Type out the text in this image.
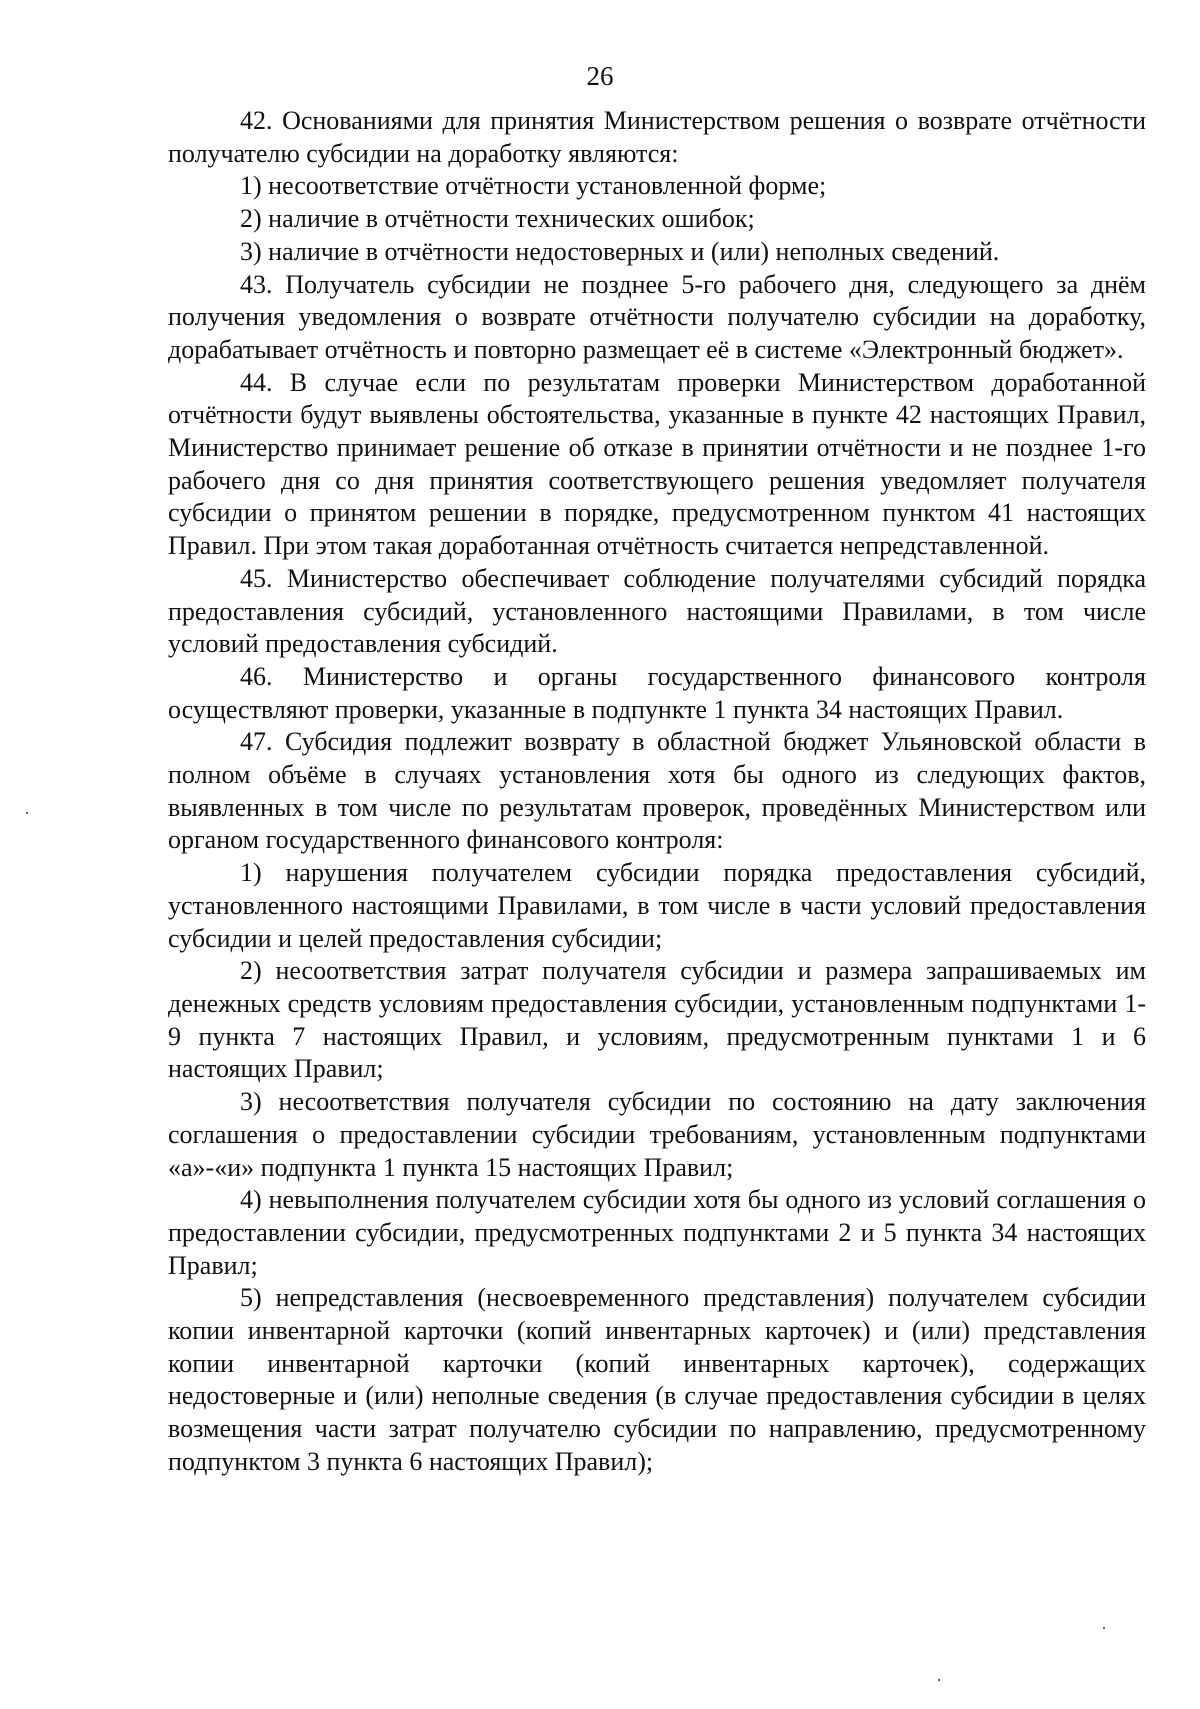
26

42. Основаниями для принятия Министерством решения о возврате отчётности получателю субсидии на доработку являются:

1) несоответствие отчётности установленной форме;

2) наличие в отчётности технических ошибок;

3) наличие в отчётности недостоверных и (или) неполных сведений.

43. Получатель субсидии не позднее 5-го рабочего дня, следующего за днём получения уведомления о возврате отчётности получателю субсидии на доработку, дорабатывает отчётность и повторно размещает её в системе «Электронный бюджет».

44. В случае если по результатам проверки Министерством доработанной отчётности будут выявлены обстоятельства, указанные в пункте 42 настоящих Правил, Министерство принимает решение об отказе в принятии отчётности и не позднее 1-го рабочего дня со дня принятия соответствующего решения уведомляет получателя субсидии о принятом решении в порядке, предусмотренном пунктом 41 настоящих Правил. При этом такая доработанная отчётность считается непредставленной.

45. Министерство обеспечивает соблюдение получателями субсидий порядка предоставления субсидий, установленного настоящими Правилами, в том числе условий предоставления субсидий.

46. Министерство и органы государственного финансового контроля осуществляют проверки, указанные в подпункте 1 пункта 34 настоящих Правил.

47. Субсидия подлежит возврату в областной бюджет Ульяновской области в полном объёме в случаях установления хотя бы одного из следующих фактов, выявленных в том числе по результатам проверок, проведённых Министерством или органом государственного финансового контроля:

1) нарушения получателем субсидии порядка предоставления субсидий, установленного настоящими Правилами, в том числе в части условий предоставления субсидии и целей предоставления субсидии;

2) несоответствия затрат получателя субсидии и размера запрашиваемых им денежных средств условиям предоставления субсидии, установленным подпунктами 1-9 пункта 7 настоящих Правил, и условиям, предусмотренным пунктами 1 и 6 настоящих Правил;

3) несоответствия получателя субсидии по состоянию на дату заключения соглашения о предоставлении субсидии требованиям, установленным подпунктами «а»-«и» подпункта 1 пункта 15 настоящих Правил;

4) невыполнения получателем субсидии хотя бы одного из условий соглашения о предоставлении субсидии, предусмотренных подпунктами 2 и 5 пункта 34 настоящих Правил;

5) непредставления (несвоевременного представления) получателем субсидии копии инвентарной карточки (копий инвентарных карточек) и (или) представления копии инвентарной карточки (копий инвентарных карточек), содержащих недостоверные и (или) неполные сведения (в случае предоставления субсидии в целях возмещения части затрат получателю субсидии по направлению, предусмотренному подпунктом 3 пункта 6 настоящих Правил);
